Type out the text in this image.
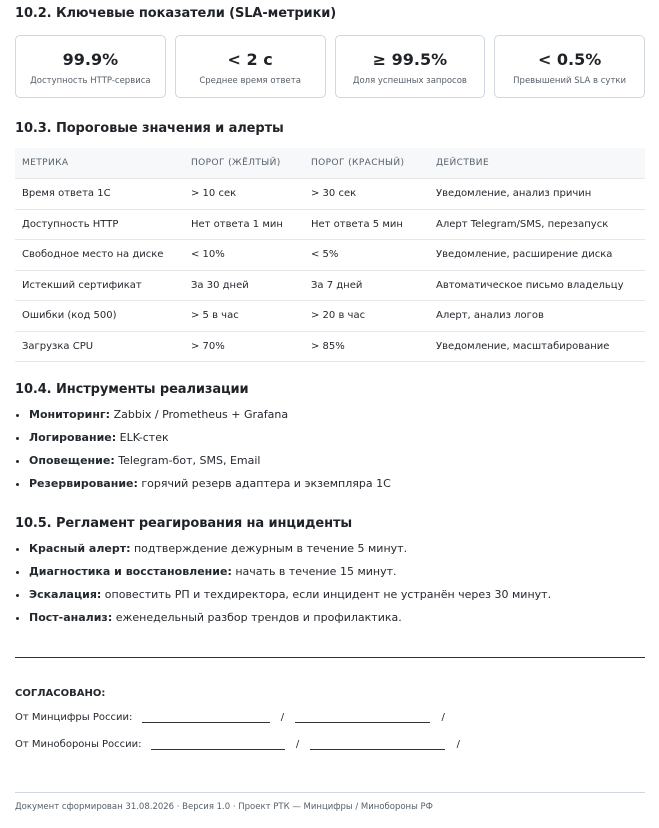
10.2. Ключевые показатели (SLA-метрики)
99.9%
Доступность HTTP-сервиса
< 2 с
Среднее время ответа
≥ 99.5%
Доля успешных запросов
< 0.5%
Превышений SLA в сутки
10.3. Пороговые значения и алерты
МЕТРИКА	ПОРОГ (ЖЁЛТЫЙ)	ПОРОГ (КРАСНЫЙ)	ДЕЙСТВИЕ
Время ответа 1С	> 10 сек	> 30 сек	Уведомление, анализ причин
Доступность HTTP	Нет ответа 1 мин	Нет ответа 5 мин	Алерт Telegram/SMS, перезапуск
Свободное место на диске	< 10%	< 5%	Уведомление, расширение диска
Истекший сертификат	За 30 дней	За 7 дней	Автоматическое письмо владельцу
Ошибки (код 500)	> 5 в час	> 20 в час	Алерт, анализ логов
Загрузка CPU	> 70%	> 85%	Уведомление, масштабирование
10.4. Инструменты реализации
• Мониторинг: Zabbix / Prometheus + Grafana
• Логирование: ELK-стек
• Оповещение: Telegram-бот, SMS, Email
• Резервирование: горячий резерв адаптера и экземпляра 1С
10.5. Регламент реагирования на инциденты
• Красный алерт: подтверждение дежурным в течение 5 минут.
• Диагностика и восстановление: начать в течение 15 минут.
• Эскалация: оповестить РП и техдиректора, если инцидент не устранён через 30 минут.
• Пост-анализ: еженедельный разбор трендов и профилактика.
СОГЛАСОВАНО:
От Минцифры России:	/	/
От Минобороны России:	/	/
Документ сформирован 31.08.2026 · Версия 1.0 · Проект РТК — Минцифры / Минобороны РФ
